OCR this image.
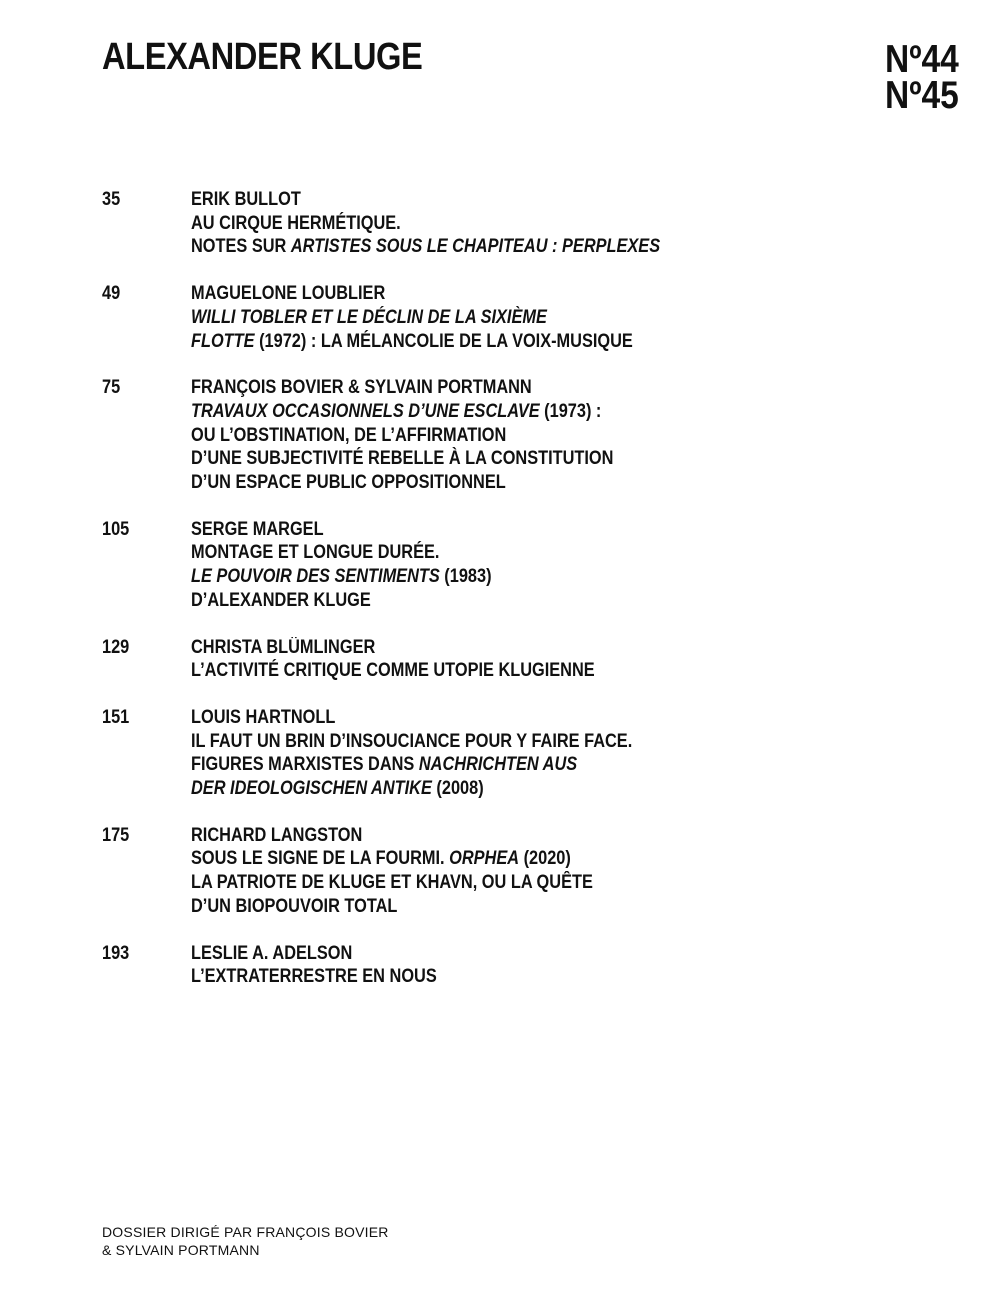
ALEXANDER KLUGE	Nº44
Nº45
35	ERIK BULLOT
AU CIRQUE HERMÉTIQUE.
NOTES SUR ARTISTES SOUS LE CHAPITEAU : PERPLEXES
49	MAGUELONE LOUBLIER
WILLI TOBLER ET LE DÉCLIN DE LA SIXIÈME
FLOTTE (1972) : LA MÉLANCOLIE DE LA VOIX-MUSIQUE
75	FRANÇOIS BOVIER & SYLVAIN PORTMANN
TRAVAUX OCCASIONNELS D’UNE ESCLAVE (1973) :
OU L’OBSTINATION, DE L’AFFIRMATION
D’UNE SUBJECTIVITÉ REBELLE À LA CONSTITUTION
D’UN ESPACE PUBLIC OPPOSITIONNEL
105	SERGE MARGEL
MONTAGE ET LONGUE DURÉE.
LE POUVOIR DES SENTIMENTS (1983)
D’ALEXANDER KLUGE
129	CHRISTA BLÜMLINGER
L’ACTIVITÉ CRITIQUE COMME UTOPIE KLUGIENNE
151	LOUIS HARTNOLL
IL FAUT UN BRIN D’INSOUCIANCE POUR Y FAIRE FACE.
FIGURES MARXISTES DANS NACHRICHTEN AUS
DER IDEOLOGISCHEN ANTIKE (2008)
175	RICHARD LANGSTON
SOUS LE SIGNE DE LA FOURMI. ORPHEA (2020)
LA PATRIOTE DE KLUGE ET KHAVN, OU LA QUÊTE
D’UN BIOPOUVOIR TOTAL
193	LESLIE A. ADELSON
L’EXTRATERRESTRE EN NOUS
DOSSIER DIRIGÉ PAR FRANÇOIS BOVIER
& SYLVAIN PORTMANN
